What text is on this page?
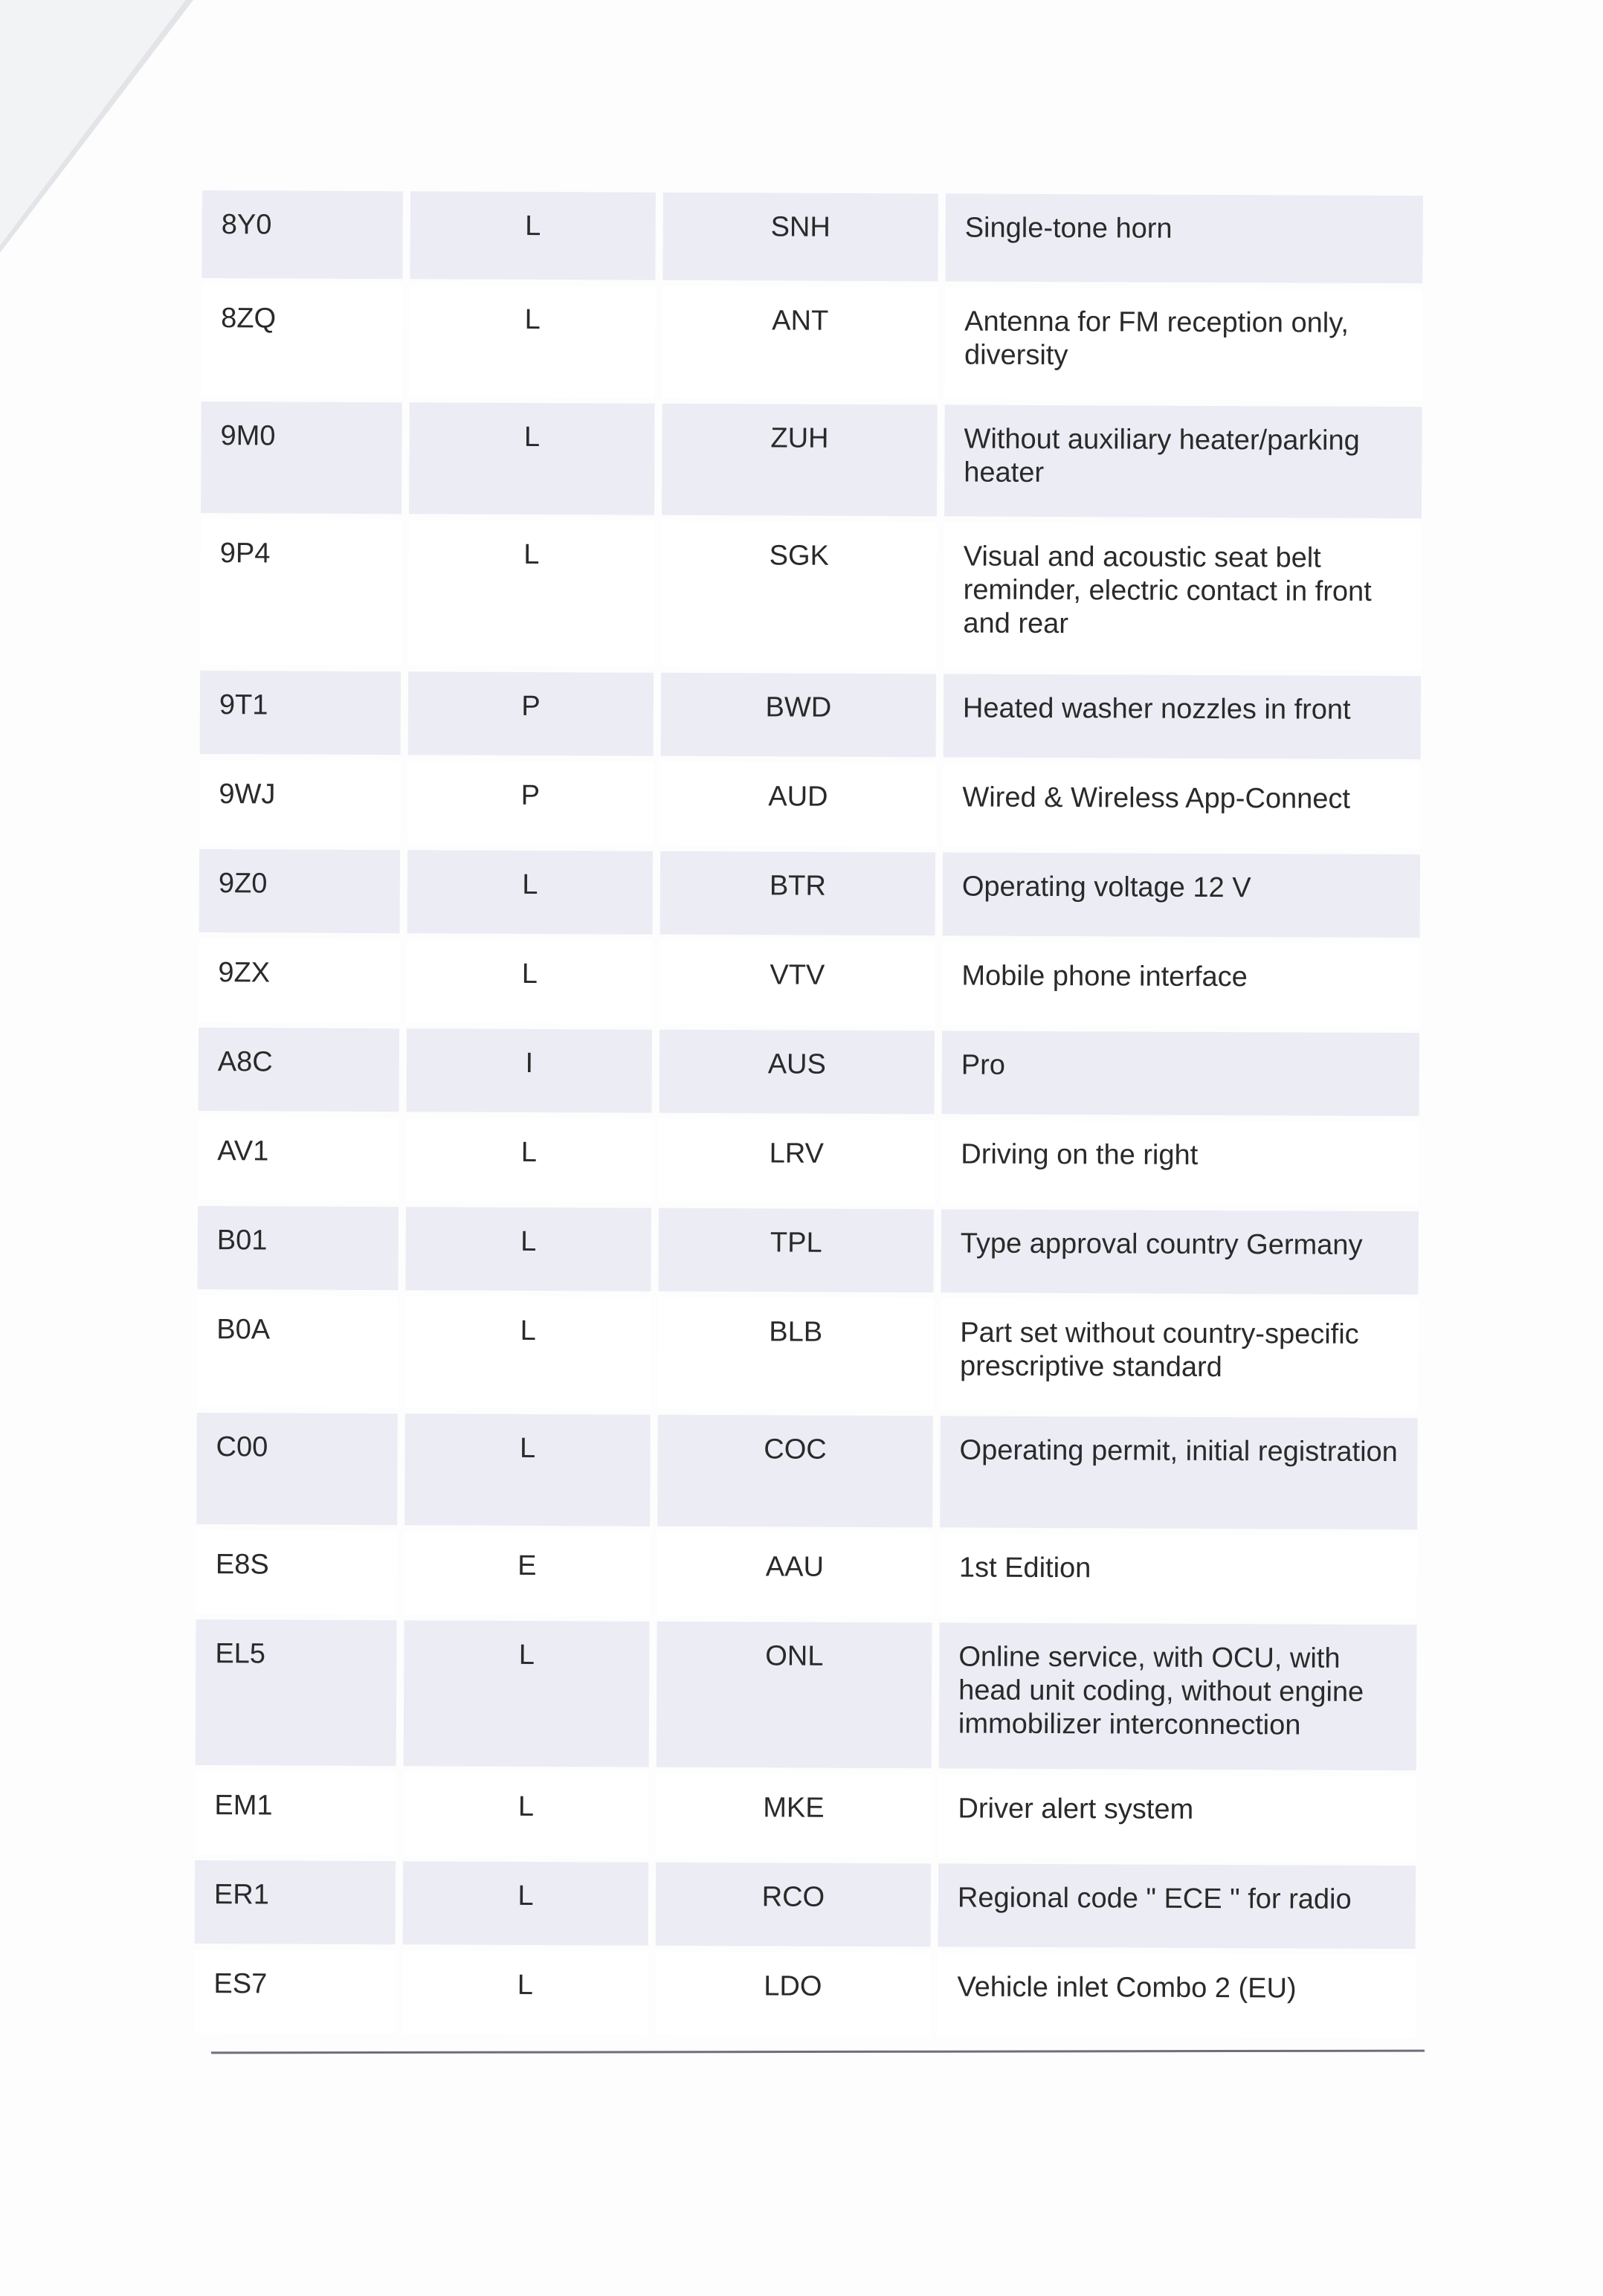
8Y0	L	SNH	Single-tone horn
8ZQ	L	ANT	Antenna for FM reception only, diversity
9M0	L	ZUH	Without auxiliary heater/parking heater
9P4	L	SGK	Visual and acoustic seat belt reminder, electric contact in front and rear
9T1	P	BWD	Heated washer nozzles in front
9WJ	P	AUD	Wired & Wireless App-Connect
9Z0	L	BTR	Operating voltage 12 V
9ZX	L	VTV	Mobile phone interface
A8C	I	AUS	Pro
AV1	L	LRV	Driving on the right
B01	L	TPL	Type approval country Germany
B0A	L	BLB	Part set without country-specific prescriptive standard
C00	L	COC	Operating permit, initial registration
E8S	E	AAU	1st Edition
EL5	L	ONL	Online service, with OCU, with head unit coding, without engine immobilizer interconnection
EM1	L	MKE	Driver alert system
ER1	L	RCO	Regional code " ECE " for radio
ES7	L	LDO	Vehicle inlet Combo 2 (EU)
